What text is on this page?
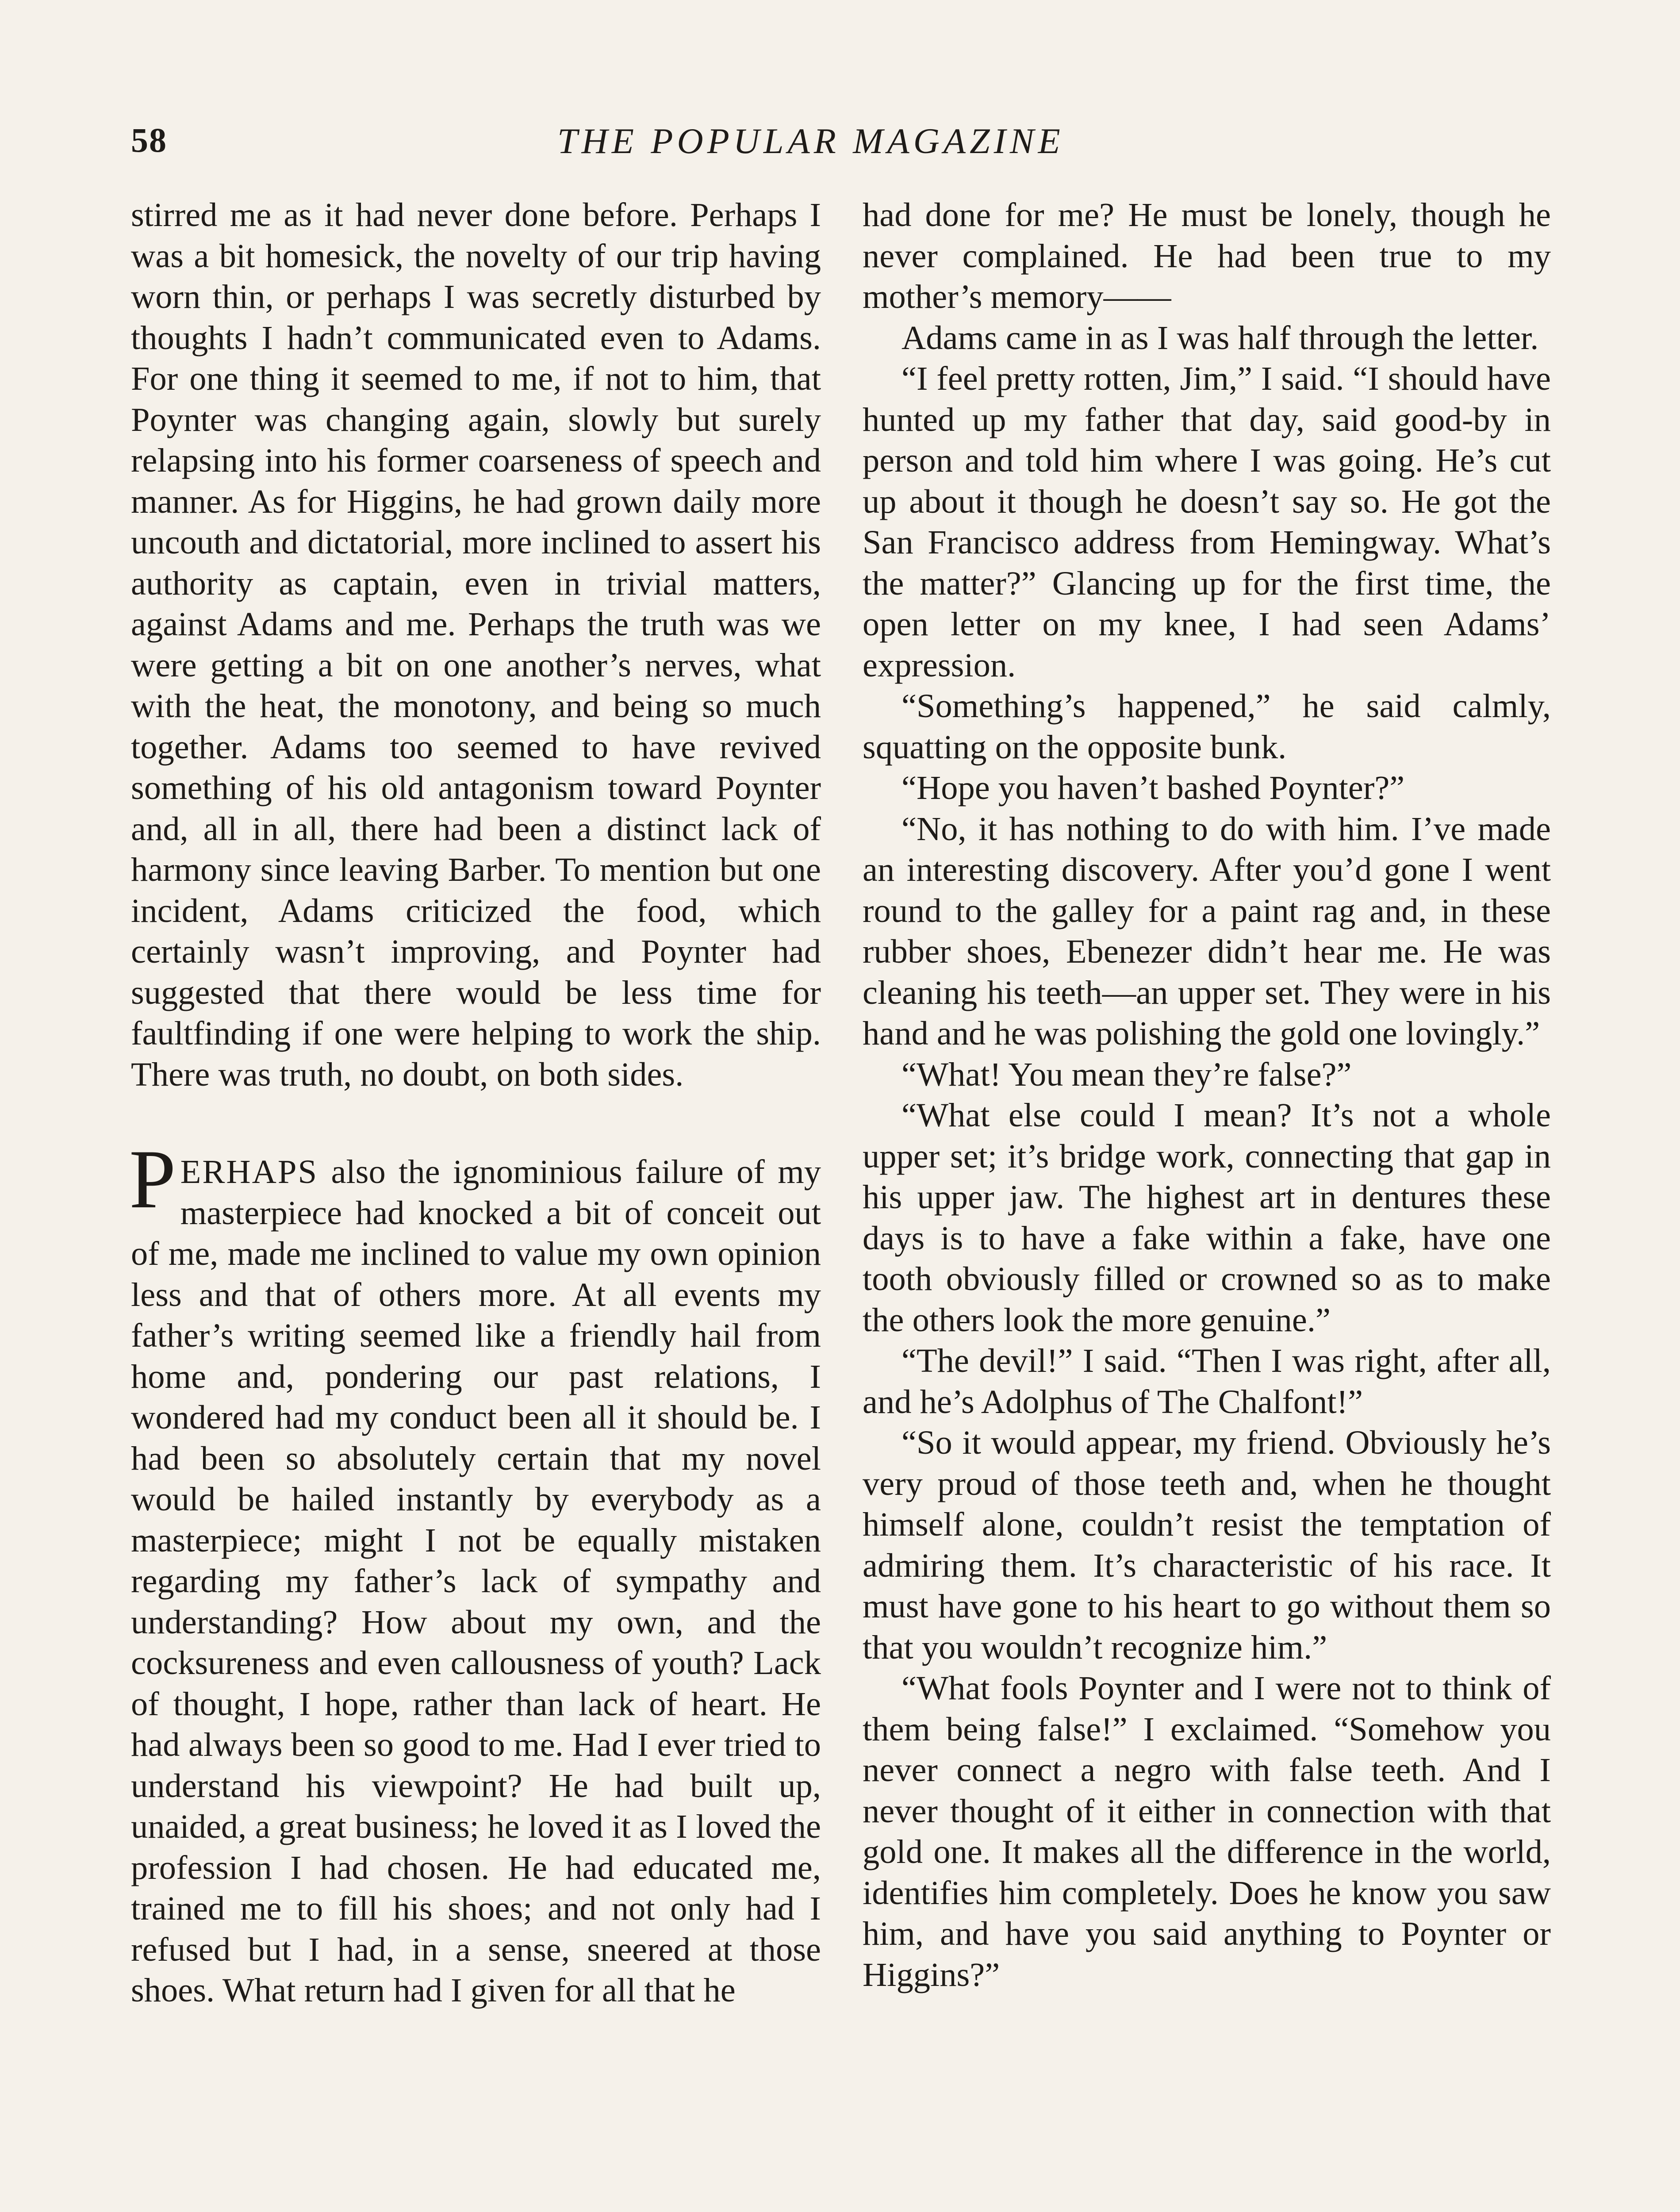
58	THE POPULAR MAGAZINE

stirred me as it had never done before. Perhaps I was a bit homesick, the novelty of our trip having worn thin, or perhaps I was secretly disturbed by thoughts I hadn’t communicated even to Adams. For one thing it seemed to me, if not to him, that Poynter was changing again, slowly but surely relapsing into his former coarseness of speech and manner. As for Higgins, he had grown daily more uncouth and dictatorial, more inclined to assert his authority as captain, even in trivial matters, against Adams and me. Perhaps the truth was we were getting a bit on one another’s nerves, what with the heat, the monotony, and being so much together. Adams too seemed to have revived something of his old antagonism toward Poynter and, all in all, there had been a distinct lack of harmony since leaving Barber. To mention but one incident, Adams criticized the food, which certainly wasn’t improving, and Poynter had suggested that there would be less time for faultfinding if one were helping to work the ship. There was truth, no doubt, on both sides.

PERHAPS also the ignominious failure of my masterpiece had knocked a bit of conceit out of me, made me inclined to value my own opinion less and that of others more. At all events my father’s writing seemed like a friendly hail from home and, pondering our past relations, I wondered had my conduct been all it should be. I had been so absolutely certain that my novel would be hailed instantly by everybody as a masterpiece; might I not be equally mistaken regarding my father’s lack of sympathy and understanding? How about my own, and the cocksureness and even callousness of youth? Lack of thought, I hope, rather than lack of heart. He had always been so good to me. Had I ever tried to understand his viewpoint? He had built up, unaided, a great business; he loved it as I loved the profession I had chosen. He had educated me, trained me to fill his shoes; and not only had I refused but I had, in a sense, sneered at those shoes. What return had I given for all that he

had done for me? He must be lonely, though he never complained. He had been true to my mother’s memory——

Adams came in as I was half through the letter.

“I feel pretty rotten, Jim,” I said. “I should have hunted up my father that day, said good-by in person and told him where I was going. He’s cut up about it though he doesn’t say so. He got the San Francisco address from Hemingway. What’s the matter?” Glancing up for the first time, the open letter on my knee, I had seen Adams’ expression.

“Something’s happened,” he said calmly, squatting on the opposite bunk.

“Hope you haven’t bashed Poynter?”

“No, it has nothing to do with him. I’ve made an interesting discovery. After you’d gone I went round to the galley for a paint rag and, in these rubber shoes, Ebenezer didn’t hear me. He was cleaning his teeth—an upper set. They were in his hand and he was polishing the gold one lovingly.”

“What! You mean they’re false?”

“What else could I mean? It’s not a whole upper set; it’s bridge work, connecting that gap in his upper jaw. The highest art in dentures these days is to have a fake within a fake, have one tooth obviously filled or crowned so as to make the others look the more genuine.”

“The devil!” I said. “Then I was right, after all, and he’s Adolphus of The Chalfont!”

“So it would appear, my friend. Obviously he’s very proud of those teeth and, when he thought himself alone, couldn’t resist the temptation of admiring them. It’s characteristic of his race. It must have gone to his heart to go without them so that you wouldn’t recognize him.”

“What fools Poynter and I were not to think of them being false!” I exclaimed. “Somehow you never connect a negro with false teeth. And I never thought of it either in connection with that gold one. It makes all the difference in the world, identifies him completely. Does he know you saw him, and have you said anything to Poynter or Higgins?”
